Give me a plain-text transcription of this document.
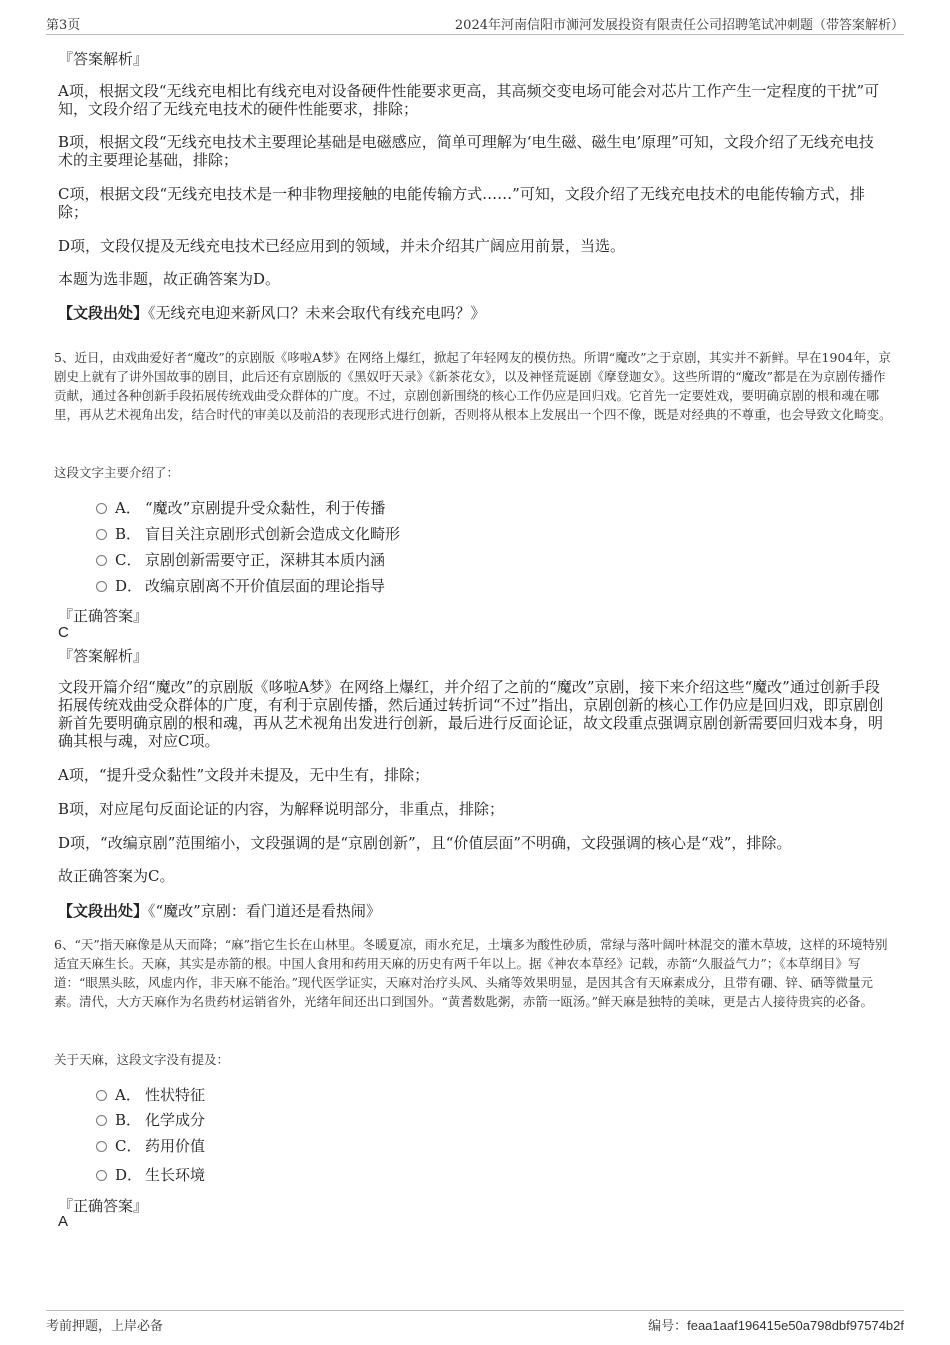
第3页	2024年河南信阳市浉河发展投资有限责任公司招聘笔试冲刺题（带答案解析）
『答案解析』
A项，根据文段“无线充电相比有线充电对设备硬件性能要求更高，其高频交变电场可能会对芯片工作产生一定程度的干扰”可知，文段介绍了无线充电技术的硬件性能要求，排除；
B项，根据文段“无线充电技术主要理论基础是电磁感应，简单可理解为‘电生磁、磁生电’原理”可知，文段介绍了无线充电技术的主要理论基础，排除；
C项，根据文段“无线充电技术是一种非物理接触的电能传输方式……”可知，文段介绍了无线充电技术的电能传输方式，排除；
D项，文段仅提及无线充电技术已经应用到的领域，并未介绍其广阔应用前景，当选。
本题为选非题，故正确答案为D。
【文段出处】《无线充电迎来新风口？未来会取代有线充电吗？》
5、近日，由戏曲爱好者“魔改”的京剧版《哆啦A梦》在网络上爆红，掀起了年轻网友的模仿热。所谓“魔改”之于京剧，其实并不新鲜。早在1904年，京剧史上就有了讲外国故事的剧目，此后还有京剧版的《黑奴吁天录》《新茶花女》，以及神怪荒诞剧《摩登迦女》。这些所谓的“魔改”都是在为京剧传播作贡献，通过各种创新手段拓展传统戏曲受众群体的广度。不过，京剧创新围绕的核心工作仍应是回归戏。它首先一定要姓戏，要明确京剧的根和魂在哪里，再从艺术视角出发，结合时代的审美以及前沿的表现形式进行创新，否则将从根本上发展出一个四不像，既是对经典的不尊重，也会导致文化畸变。
这段文字主要介绍了：
A． “魔改”京剧提升受众黏性，利于传播
B． 盲目关注京剧形式创新会造成文化畸形
C． 京剧创新需要守正，深耕其本质内涵
D． 改编京剧离不开价值层面的理论指导
『正确答案』
C
『答案解析』
文段开篇介绍“魔改”的京剧版《哆啦A梦》在网络上爆红，并介绍了之前的“魔改”京剧，接下来介绍这些“魔改”通过创新手段拓展传统戏曲受众群体的广度，有利于京剧传播，然后通过转折词“不过”指出，京剧创新的核心工作仍应是回归戏，即京剧创新首先要明确京剧的根和魂，再从艺术视角出发进行创新，最后进行反面论证，故文段重点强调京剧创新需要回归戏本身，明确其根与魂，对应C项。
A项，“提升受众黏性”文段并未提及，无中生有，排除；
B项，对应尾句反面论证的内容，为解释说明部分，非重点，排除；
D项，“改编京剧”范围缩小，文段强调的是“京剧创新”，且“价值层面”不明确，文段强调的核心是“戏”，排除。
故正确答案为C。
【文段出处】《“魔改”京剧：看门道还是看热闹》
6、“天”指天麻像是从天而降；“麻”指它生长在山林里。冬暖夏凉，雨水充足，土壤多为酸性砂质，常绿与落叶阔叶林混交的灌木草坡，这样的环境特别适宜天麻生长。天麻，其实是赤箭的根。中国人食用和药用天麻的历史有两千年以上。据《神农本草经》记载，赤箭“久服益气力”；《本草纲目》写道：“眼黑头眩，风虚内作，非天麻不能治。”现代医学证实，天麻对治疗头风、头痛等效果明显，是因其含有天麻素成分，且带有硼、锌、硒等微量元素。清代，大方天麻作为名贵药材运销省外，光绪年间还出口到国外。“黄耆数匙粥，赤箭一瓯汤。”鲜天麻是独特的美味，更是古人接待贵宾的必备。
关于天麻，这段文字没有提及：
A． 性状特征
B． 化学成分
C． 药用价值
D． 生长环境
『正确答案』
A
考前押题，上岸必备	编号：feaa1aaf196415e50a798dbf97574b2f
